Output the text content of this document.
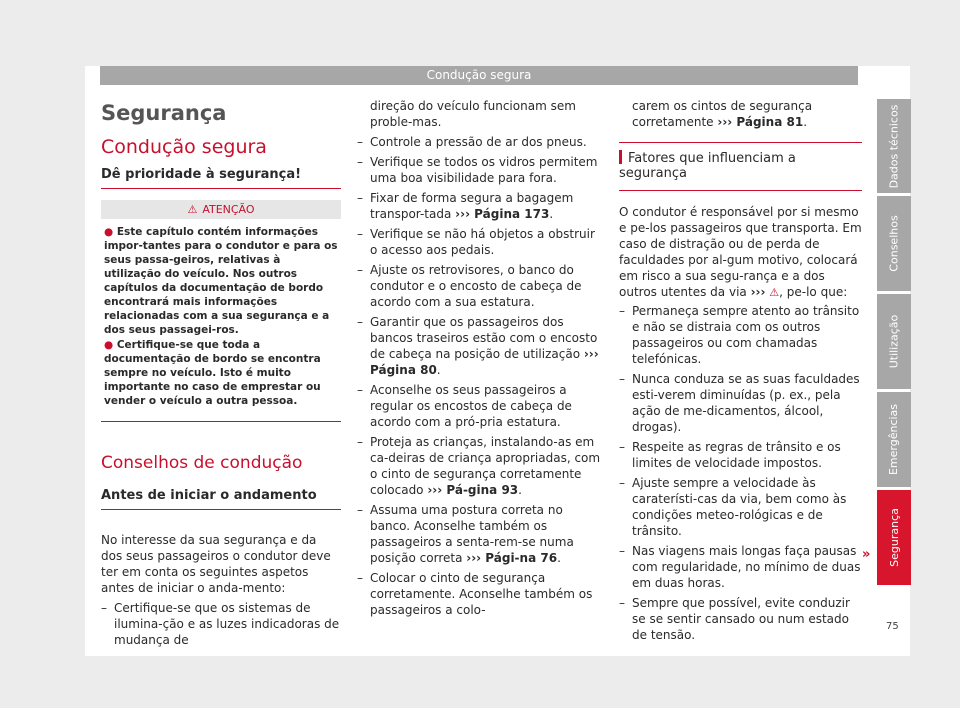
Condução segura
Segurança
Condução segura
Dê prioridade à segurança!
⚠ ATENÇÃO

● Este capítulo contém informações impor-tantes para o condutor e para os seus passa-geiros, relativas à utilização do veículo. Nos outros capítulos da documentação de bordo encontrará mais informações relacionadas com a sua segurança e a dos seus passagei-ros.

● Certifique-se que toda a documentação de bordo se encontra sempre no veículo. Isto é muito importante no caso de emprestar ou vender o veículo a outra pessoa.

Conselhos de condução
Antes de iniciar o andamento

No interesse da sua segurança e da dos seus passageiros o condutor deve ter em conta os seguintes aspetos antes de iniciar o anda-mento:

– Certifique-se que os sistemas de ilumina-ção e as luzes indicadoras de mudança de

direção do veículo funcionam sem proble-mas.

– Controle a pressão de ar dos pneus.
– Verifique se todos os vidros permitem uma boa visibilidade para fora.
– Fixar de forma segura a bagagem transpor-tada ››› Página 173.
– Verifique se não há objetos a obstruir o acesso aos pedais.
– Ajuste os retrovisores, o banco do condutor e o encosto de cabeça de acordo com a sua estatura.
– Garantir que os passageiros dos bancos traseiros estão com o encosto de cabeça na posição de utilização ››› Página 80.
– Aconselhe os seus passageiros a regular os encostos de cabeça de acordo com a pró-pria estatura.
– Proteja as crianças, instalando-as em ca-deiras de criança apropriadas, com o cinto de segurança corretamente colocado ››› Pá-gina 93.
– Assuma uma postura correta no banco. Aconselhe também os passageiros a senta-rem-se numa posição correta ››› Pági-na 76.
– Colocar o cinto de segurança corretamente. Aconselhe também os passageiros a colo-

carem os cintos de segurança corretamente ››› Página 81.

Fatores que influenciam a segurança

O condutor é responsável por si mesmo e pe-los passageiros que transporta. Em caso de distração ou de perda de faculdades por al-gum motivo, colocará em risco a sua segu-rança e a dos outros utentes da via ››› ⚠, pe-lo que:

– Permaneça sempre atento ao trânsito e não se distraia com os outros passageiros ou com chamadas telefónicas.
– Nunca conduza se as suas faculdades esti-verem diminuídas (p. ex., pela ação de me-dicamentos, álcool, drogas).
– Respeite as regras de trânsito e os limites de velocidade impostos.
– Ajuste sempre a velocidade às caraterísti-cas da via, bem como às condições meteo-rológicas e de trânsito.
– Nas viagens mais longas faça pausas com regularidade, no mínimo de duas em duas horas.
– Sempre que possível, evite conduzir se se sentir cansado ou num estado de tensão.
»
Dados técnicos
Conselhos
Utilização
Emergências
Segurança
75
